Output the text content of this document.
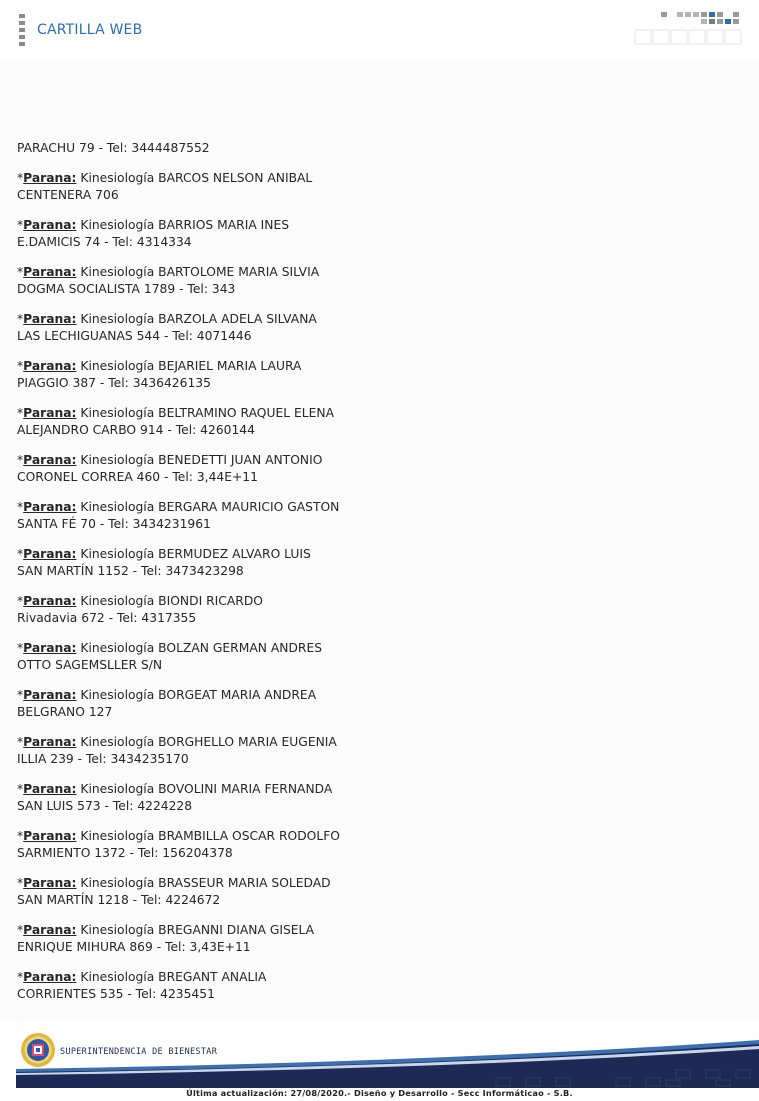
CARTILLA WEB
PARACHU 79 - Tel: 3444487552
*Parana: Kinesiología BARCOS NELSON ANIBAL
CENTENERA 706
*Parana: Kinesiología BARRIOS MARIA INES
E.DAMICIS 74 - Tel: 4314334
*Parana: Kinesiología BARTOLOME MARIA SILVIA
DOGMA SOCIALISTA 1789 - Tel: 343
*Parana: Kinesiología BARZOLA ADELA SILVANA
LAS LECHIGUANAS 544 - Tel: 4071446
*Parana: Kinesiología BEJARIEL MARIA LAURA
PIAGGIO 387 - Tel: 3436426135
*Parana: Kinesiología BELTRAMINO RAQUEL ELENA
ALEJANDRO CARBO 914 - Tel: 4260144
*Parana: Kinesiología BENEDETTI JUAN ANTONIO
CORONEL CORREA 460 - Tel: 3,44E+11
*Parana: Kinesiología BERGARA MAURICIO GASTON
SANTA FÉ 70 - Tel: 3434231961
*Parana: Kinesiología BERMUDEZ ALVARO LUIS
SAN MARTÍN 1152 - Tel: 3473423298
*Parana: Kinesiología BIONDI RICARDO
Rivadavia 672 - Tel: 4317355
*Parana: Kinesiología BOLZAN GERMAN ANDRES
OTTO SAGEMSLLER S/N
*Parana: Kinesiología BORGEAT MARIA ANDREA
BELGRANO 127
*Parana: Kinesiología BORGHELLO MARIA EUGENIA
ILLIA 239 - Tel: 3434235170
*Parana: Kinesiología BOVOLINI MARIA FERNANDA
SAN LUIS 573 - Tel: 4224228
*Parana: Kinesiología BRAMBILLA OSCAR RODOLFO
SARMIENTO 1372 - Tel: 156204378
*Parana: Kinesiología BRASSEUR MARIA SOLEDAD
SAN MARTÍN 1218 - Tel: 4224672
*Parana: Kinesiología BREGANNI DIANA GISELA
ENRIQUE MIHURA 869 - Tel: 3,43E+11
*Parana: Kinesiología BREGANT ANALIA
CORRIENTES 535 - Tel: 4235451
SUPERINTENDENCIA DE BIENESTAR
Última actualización: 27/08/2020.- Diseño y Desarrollo - Secc Informáticao - S.B.
